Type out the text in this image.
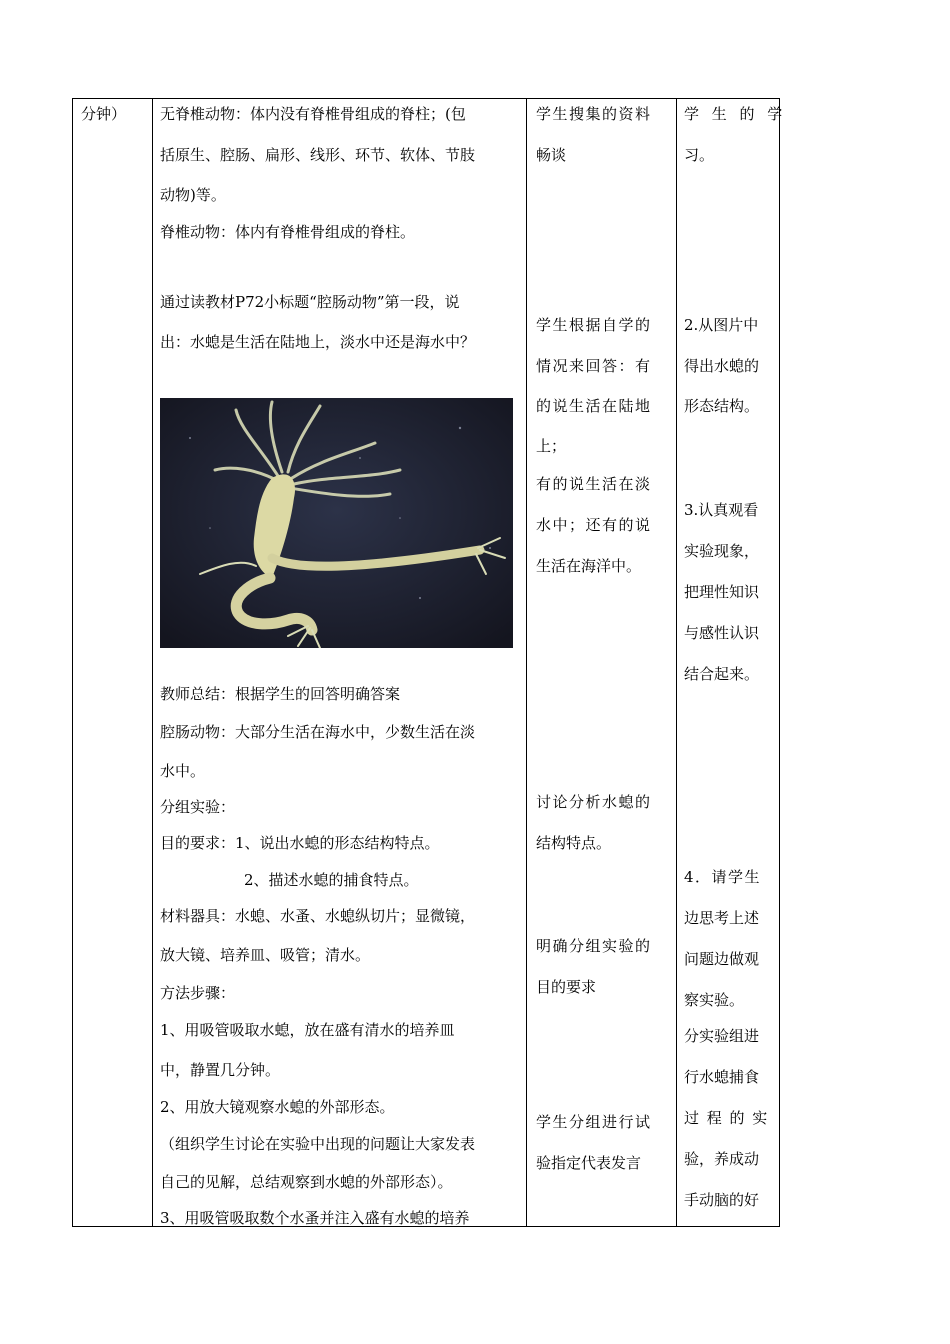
分钟） 无脊椎动物：体内没有脊椎骨组成的脊柱；(包
括原生、腔肠、扁形、线形、环节、软体、节肢
动物)等。
脊椎动物：体内有脊椎骨组成的脊柱。
通过读教材P72小标题“腔肠动物”第一段，说
出：水螅是生活在陆地上，淡水中还是海水中？
教师总结：根据学生的回答明确答案
腔肠动物：大部分生活在海水中，少数生活在淡
水中。
分组实验：
目的要求：1、说出水螅的形态结构特点。
2、描述水螅的捕食特点。
材料器具：水螅、水蚤、水螅纵切片；显微镜，
放大镜、培养皿、吸管；清水。
方法步骤：
1、用吸管吸取水螅，放在盛有清水的培养皿
中，静置几分钟。
2、用放大镜观察水螅的外部形态。
（组织学生讨论在实验中出现的问题让大家发表
自己的见解，总结观察到水螅的外部形态）。
3、用吸管吸取数个水蚤并注入盛有水螅的培养
学生搜集的资料
畅谈
学生根据自学的
情况来回答：有
的说生活在陆地
上；
有的说生活在淡
水中；还有的说
生活在海洋中。
讨论分析水螅的
结构特点。
明确分组实验的
目的要求
学生分组进行试
验指定代表发言
学 生 的 学
习。
2.从图片中
得出水螅的
形态结构。
3.认真观看
实验现象，
把理性知识
与感性认识
结合起来。
4．请学生
边思考上述
问题边做观
察实验。
分实验组进
行水螅捕食
过 程 的 实
验，养成动
手动脑的好
